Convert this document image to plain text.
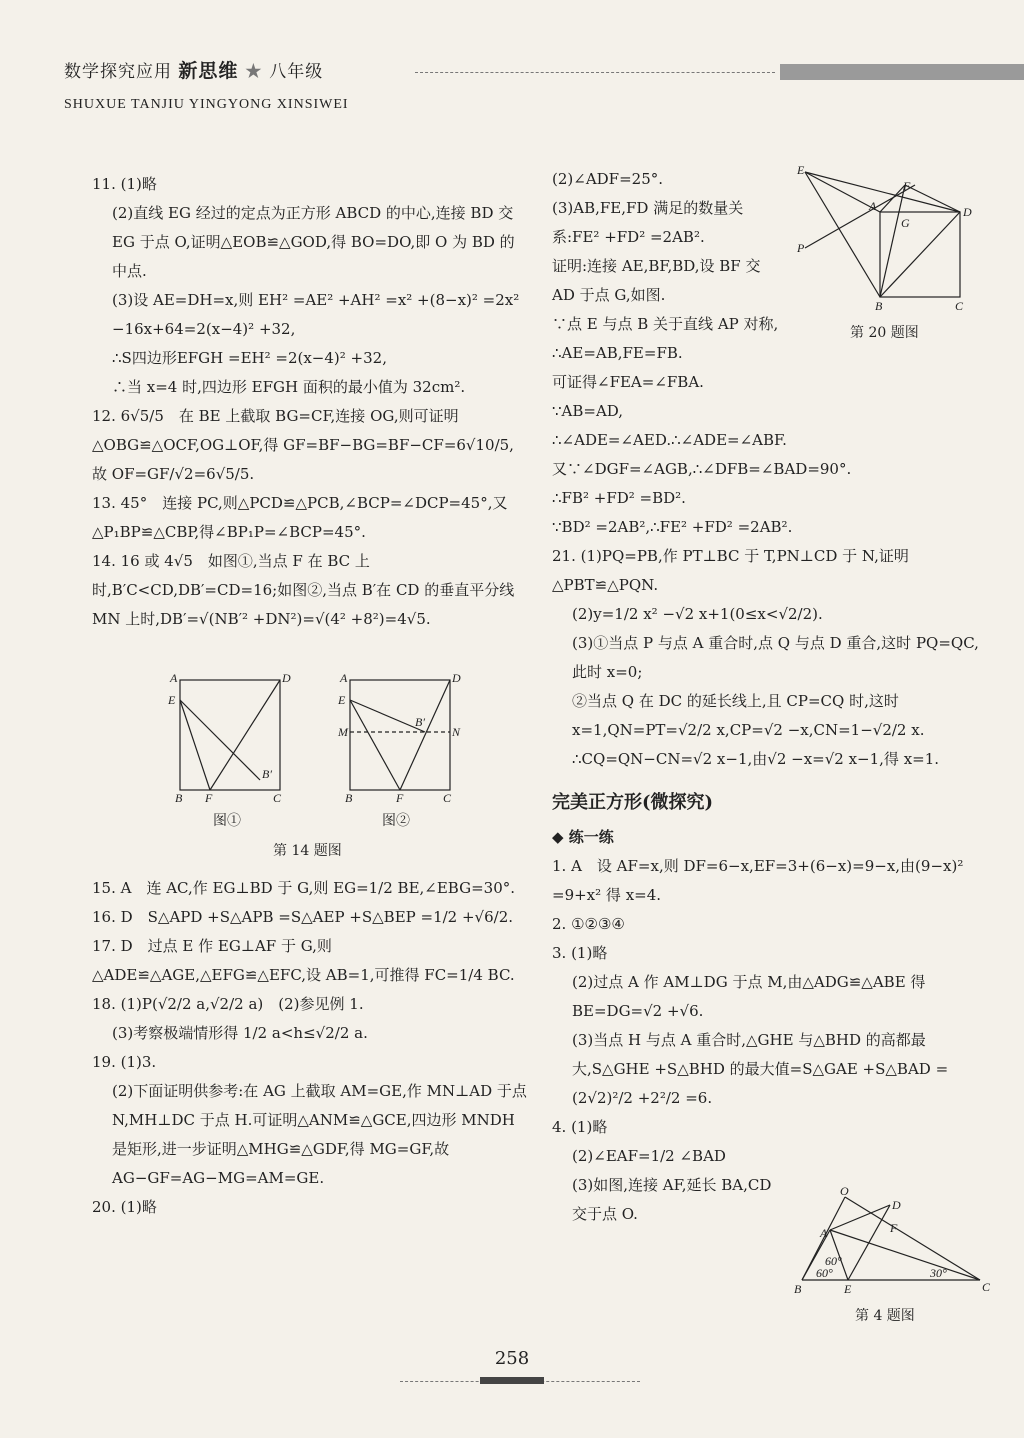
数学探究应用 新思维 ★ 八年级
SHUXUE TANJIU YINGYONG XINSIWEI

11. (1)略

(2)直线 EG 经过的定点为正方形 ABCD 的中心,连接 BD 交 EG 于点 O,证明△EOB≌△GOD,得 BO=DO,即 O 为 BD 的中点.

(3)设 AE=DH=x,则 EH² =AE² +AH² =x² +(8−x)² =2x² −16x+64=2(x−4)² +32,

∴S四边形EFGH =EH² =2(x−4)² +32,

∴当 x=4 时,四边形 EFGH 面积的最小值为 32cm².

12. 6√5/5　在 BE 上截取 BG=CF,连接 OG,则可证明△OBG≌△OCF,OG⊥OF,得 GF=BF−BG=BF−CF=6√10/5,故 OF=GF/√2=6√5/5.

13. 45°　连接 PC,则△PCD≌△PCB,∠BCP=∠DCP=45°,又△P₁BP≌△CBP,得∠BP₁P=∠BCP=45°.

14. 16 或 4√5　如图①,当点 F 在 BC 上时,B′C<CD,DB′=CD=16;如图②,当点 B′在 CD 的垂直平分线 MN 上时,DB′=√(NB′² +DN²)=√(4² +8²)=4√5.

15. A　连 AC,作 EG⊥BD 于 G,则 EG=1/2 BE,∠EBG=30°.

16. D　S△APD +S△APB =S△AEP +S△BEP =1/2 +√6/2.

17. D　过点 E 作 EG⊥AF 于 G,则△ADE≌△AGE,△EFG≌△EFC,设 AB=1,可推得 FC=1/4 BC.

18. (1)P(√2/2 a,√2/2 a)　(2)参见例 1.

(3)考察极端情形得 1/2 a<h≤√2/2 a.

19. (1)3.

(2)下面证明供参考:在 AG 上截取 AM=GE,作 MN⊥AD 于点 N,MH⊥DC 于点 H.可证明△ANM≌△GCE,四边形 MNDH 是矩形,进一步证明△MHG≌△GDF,得 MG=GF,故 AG−GF=AG−MG=AM=GE.

20. (1)略

A	D
E
B F	C
B′
A	D
E
M	N
B′
B	F	C
图①	图②
第 14 题图

(2)∠ADF=25°.

(3)AB,FE,FD 满足的数量关系:FE² +FD² =2AB².

证明:连接 AE,BF,BD,设 BF 交 AD 于点 G,如图.

∵点 E 与点 B 关于直线 AP 对称,

∴AE=AB,FE=FB.

可证得∠FEA=∠FBA.

∵AB=AD,

∴∠ADE=∠AED.∴∠ADE=∠ABF.

又∵∠DGF=∠AGB,∴∠DFB=∠BAD=90°.

∴FB² +FD² =BD².

∵BD² =2AB²,∴FE² +FD² =2AB².

21. (1)PQ=PB,作 PT⊥BC 于 T,PN⊥CD 于 N,证明△PBT≌△PQN.

(2)y=1/2 x² −√2 x+1(0≤x<√2/2).

(3)①当点 P 与点 A 重合时,点 Q 与点 D 重合,这时 PQ=QC,此时 x=0;

②当点 Q 在 DC 的延长线上,且 CP=CQ 时,这时 x=1,QN=PT=√2/2 x,CP=√2 −x,CN=1−√2/2 x.

∴CQ=QN−CN=√2 x−1,由√2 −x=√2 x−1,得 x=1.

完美正方形(微探究)
◆ 练一练

1. A　设 AF=x,则 DF=6−x,EF=3+(6−x)=9−x,由(9−x)² =9+x² 得 x=4.

2. ①②③④

3. (1)略

(2)过点 A 作 AM⊥DG 于点 M,由△ADG≌△ABE 得 BE=DG=√2 +√6.

(3)当点 H 与点 A 重合时,△GHE 与△BHD 的高都最大,S△GHE +S△BHD 的最大值=S△GAE +S△BAD =(2√2)²/2 +2²/2 =6.

4. (1)略

(2)∠EAF=1/2 ∠BAD

(3)如图,连接 AF,延长 BA,CD 交于点 O.

E
F
A
G
D
P
B	C
第 20 题图
O
D
A	F
B	E	C
60°
60°	30°
第 4 题图
258
